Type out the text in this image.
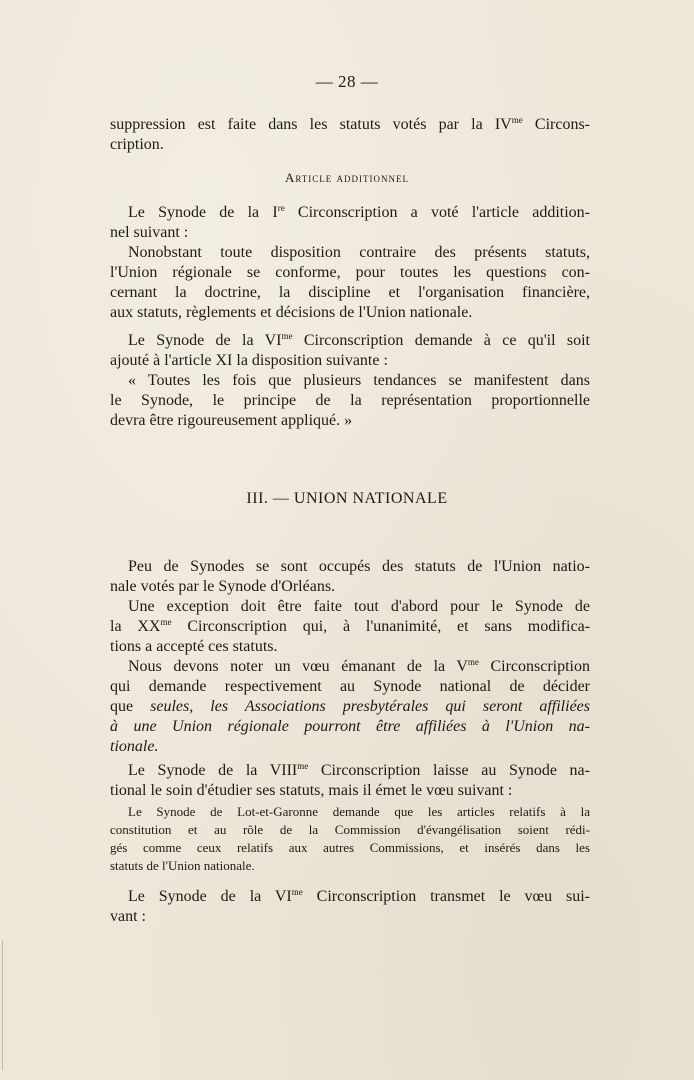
— 28 —
suppression est faite dans les statuts votés par la $IV^{me}$ Circons-
cription.
Article additionnel
Le Synode de la Ire Circonscription a voté l'article addition-
nel suivant :
Nonobstant toute disposition contraire des présents statuts,
l'Union régionale se conforme, pour toutes les questions con-
cernant la doctrine, la discipline et l'organisation financière,
aux statuts, règlements et décisions de l'Union nationale.
Le Synode de la $VI^{me}$ Circonscription demande à ce qu'il soit
ajouté à l'article XI la disposition suivante :
« Toutes les fois que plusieurs tendances se manifestent dans
le Synode, le principe de la représentation proportionnelle
devra être rigoureusement appliqué. »
III. — UNION NATIONALE
Peu de Synodes se sont occupés des statuts de l'Union natio-
nale votés par le Synode d'Orléans.
Une exception doit être faite tout d'abord pour le Synode de
la $XX^{me}$ Circonscription qui, à l'unanimité, et sans modifica-
tions a accepté ces statuts.
Nous devons noter un vœu émanant de la $V^{me}$ Circonscription
qui demande respectivement au Synode national de décider
que seules, les Associations presbytérales qui seront affiliées
à une Union régionale pourront être affiliées à l'Union na-
tionale.
Le Synode de la $VIII^{me}$ Circonscription laisse au Synode na-
tional le soin d'étudier ses statuts, mais il émet le vœu suivant :
Le Synode de Lot-et-Garonne demande que les articles relatifs à la
constitution et au rôle de la Commission d'évangélisation soient rédi-
gés comme ceux relatifs aux autres Commissions, et insérés dans les
statuts de l'Union nationale.
Le Synode de la $VI^{me}$ Circonscription transmet le vœu sui-
vant :
